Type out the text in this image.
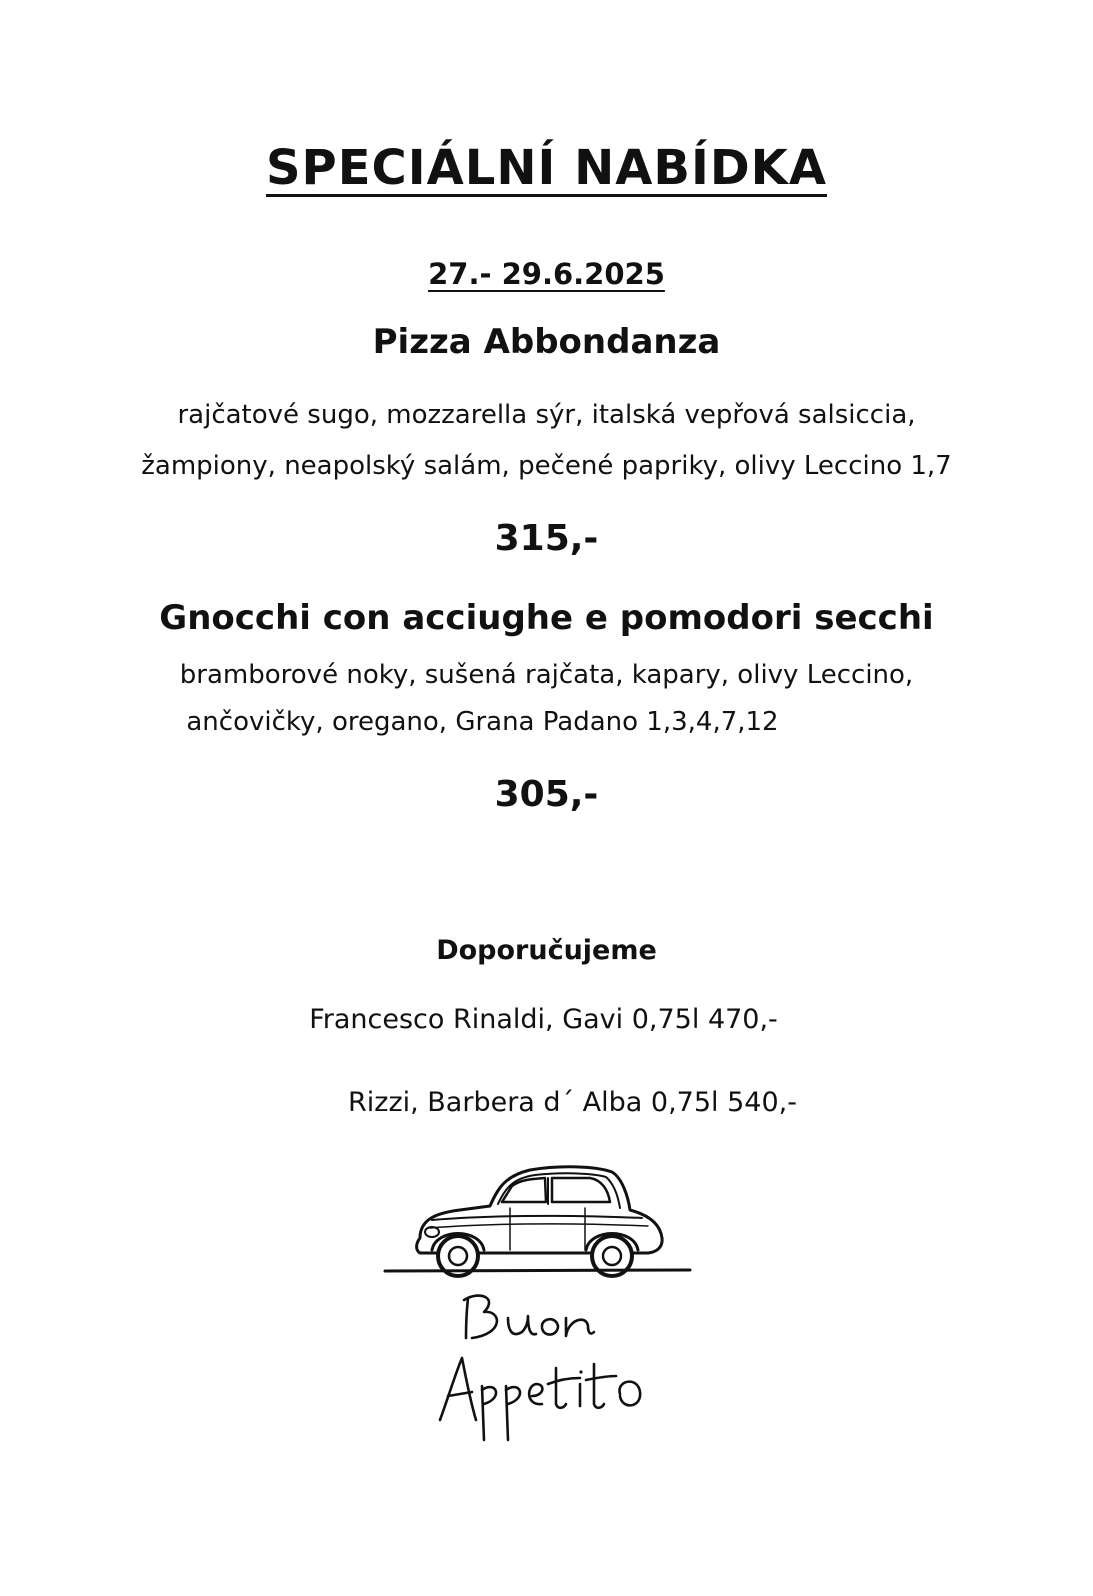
SPECIÁLNÍ NABÍDKA
27.- 29.6.2025
Pizza Abbondanza
rajčatové sugo, mozzarella sýr, italská vepřová salsiccia,
žampiony, neapolský salám, pečené papriky, olivy Leccino 1,7
315,-
Gnocchi con acciughe e pomodori secchi
bramborové noky, sušená rajčata, kapary, olivy Leccino,
ančovičky, oregano, Grana Padano 1,3,4,7,12
305,-
Doporučujeme
Francesco Rinaldi, Gavi 0,75l 470,-
Rizzi, Barbera d´ Alba 0,75l 540,-
